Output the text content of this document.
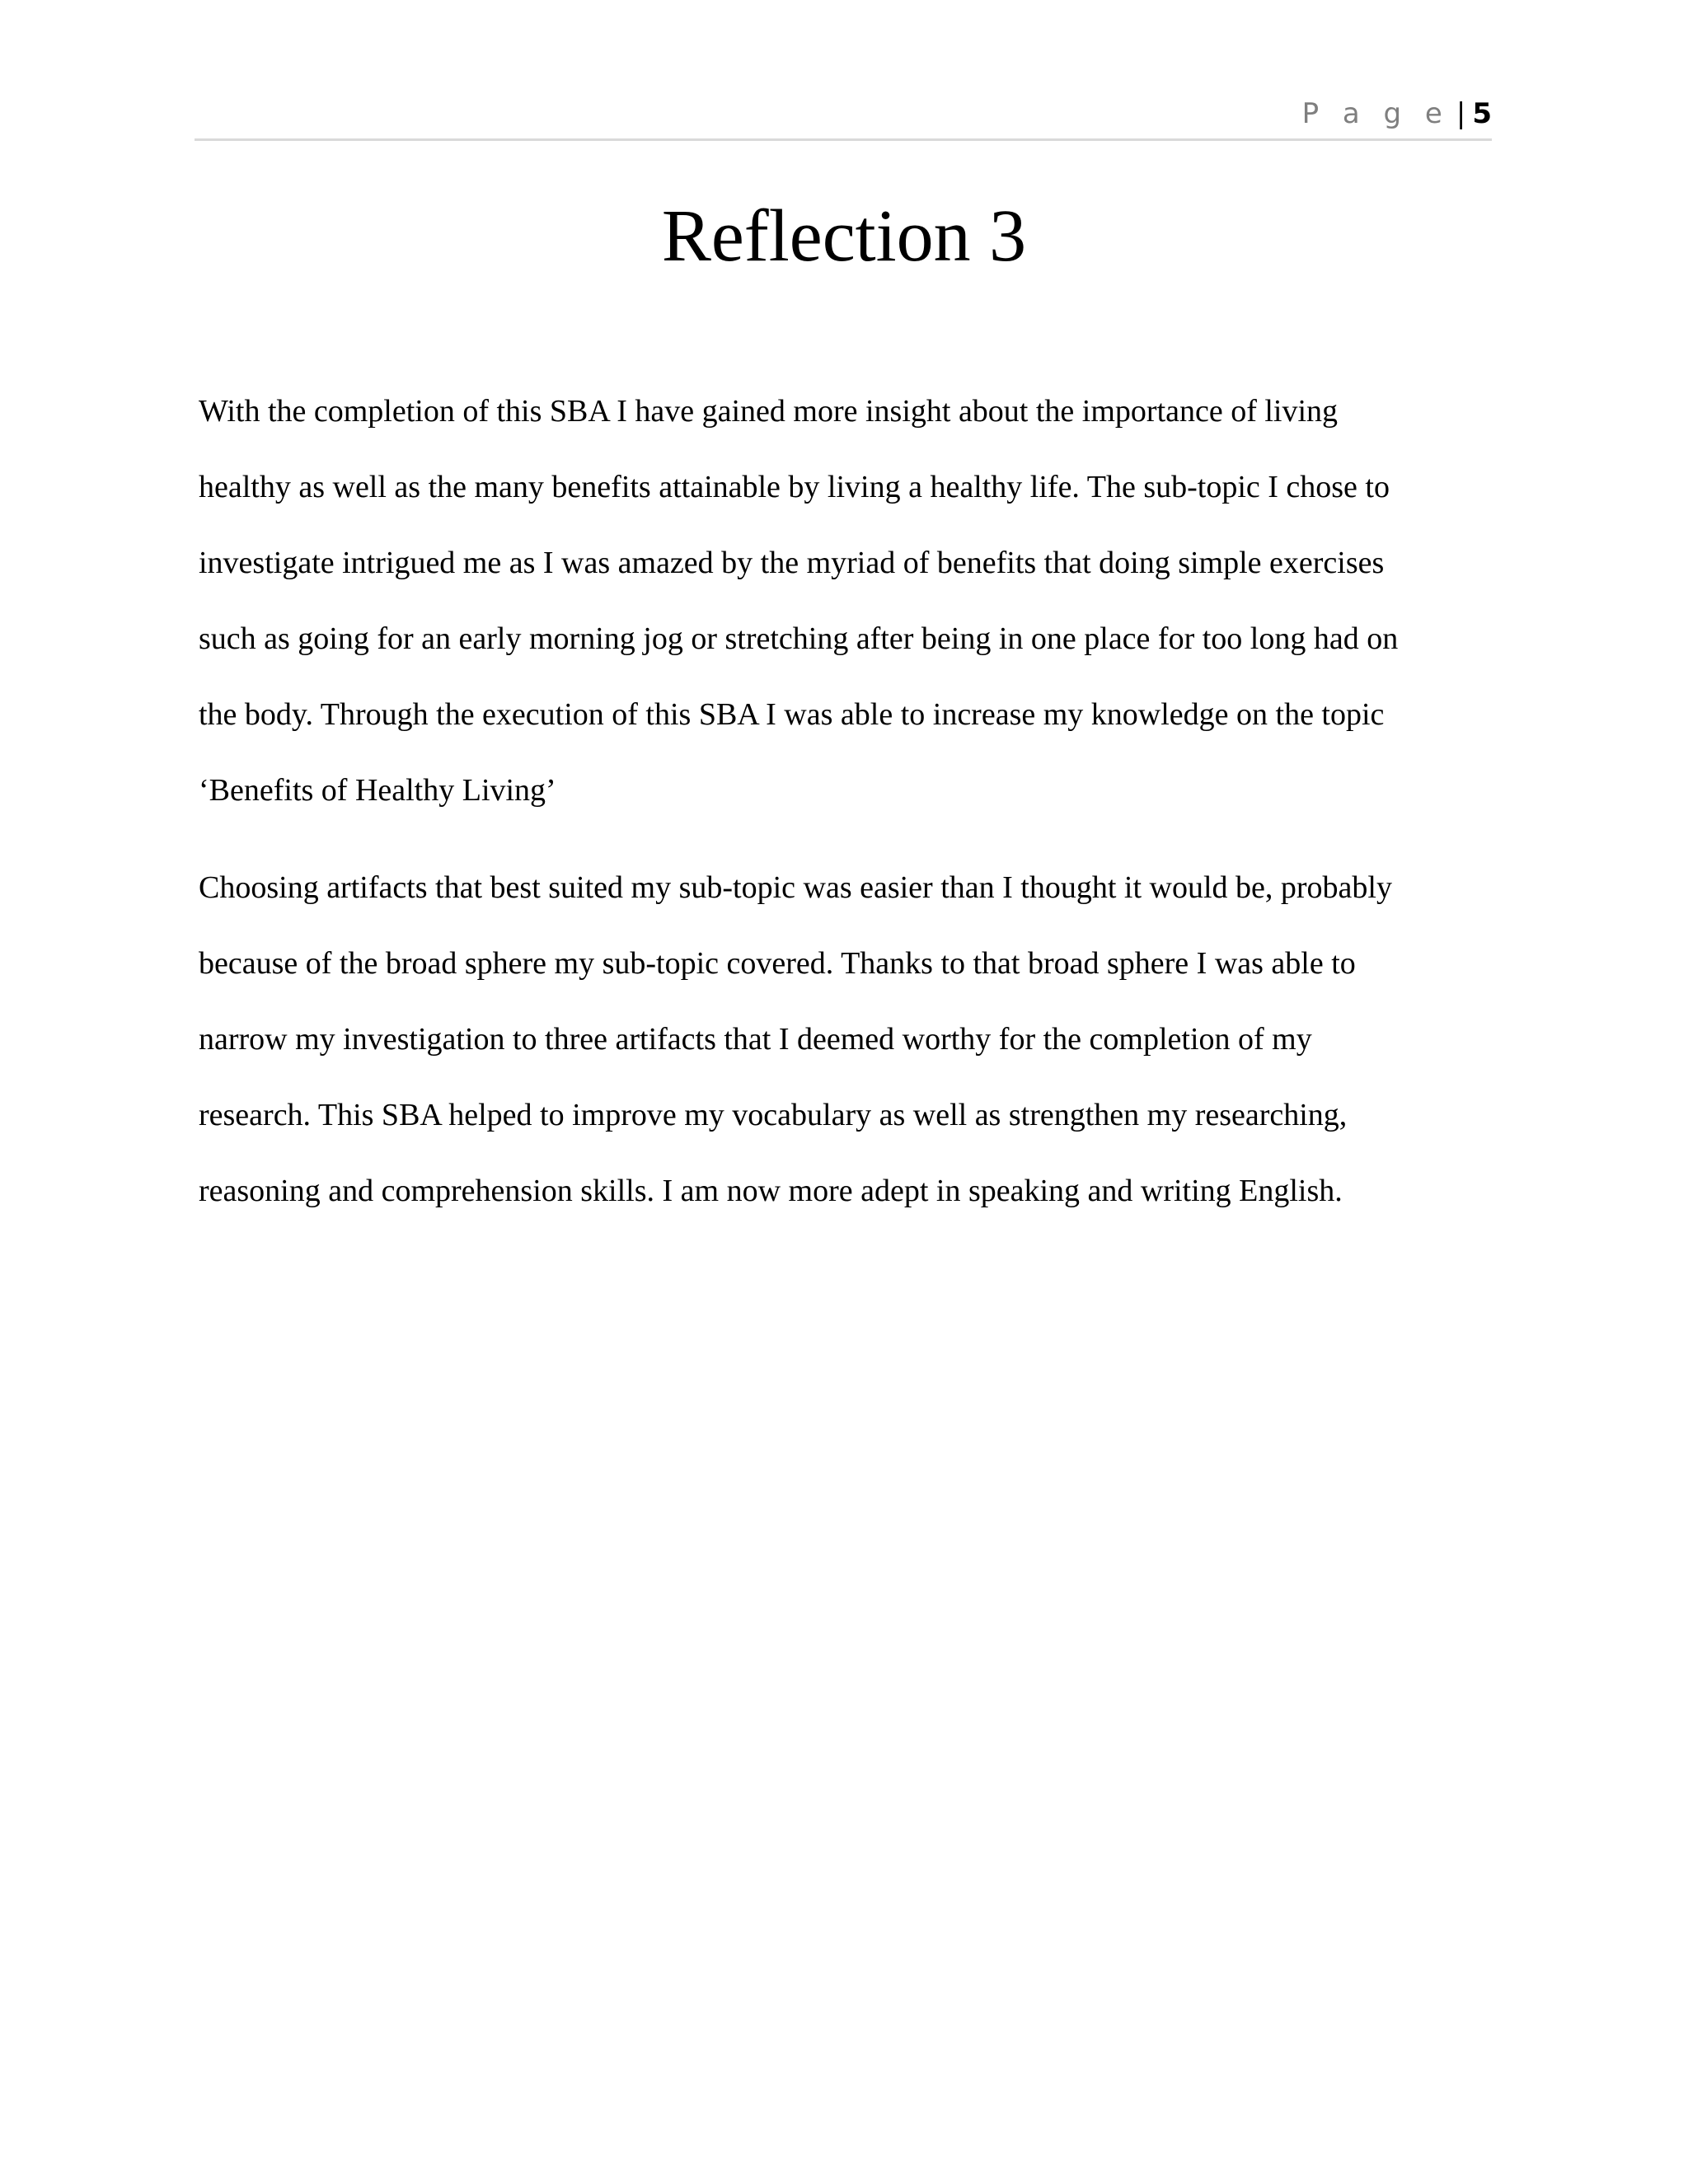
P a g e | 5
Reflection 3

With the completion of this SBA I have gained more insight about the importance of living
healthy as well as the many benefits attainable by living a healthy life. The sub-topic I chose to
investigate intrigued me as I was amazed by the myriad of benefits that doing simple exercises
such as going for an early morning jog or stretching after being in one place for too long had on
the body. Through the execution of this SBA I was able to increase my knowledge on the topic
‘Benefits of Healthy Living’

Choosing artifacts that best suited my sub-topic was easier than I thought it would be, probably
because of the broad sphere my sub-topic covered. Thanks to that broad sphere I was able to
narrow my investigation to three artifacts that I deemed worthy for the completion of my
research. This SBA helped to improve my vocabulary as well as strengthen my researching,
reasoning and comprehension skills. I am now more adept in speaking and writing English.
